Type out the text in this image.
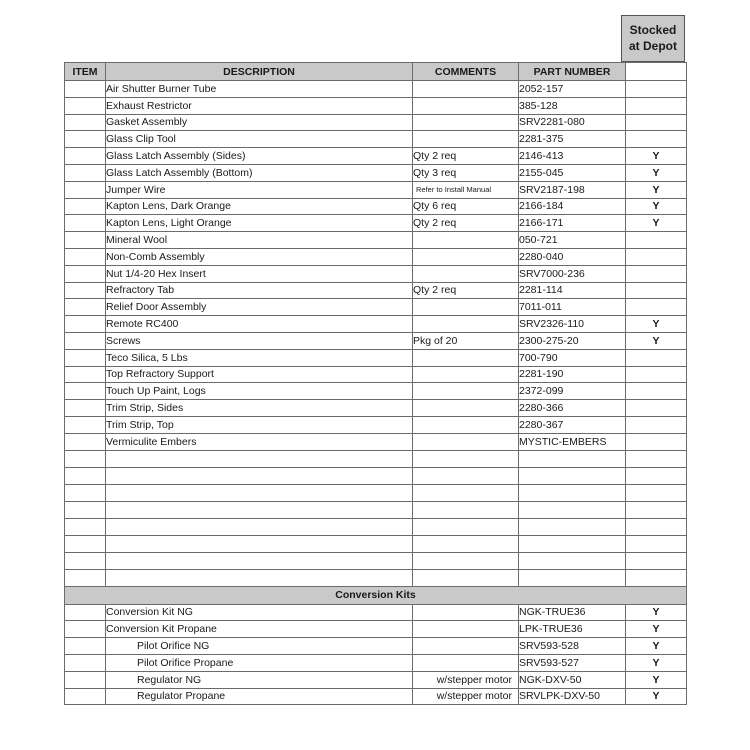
Stocked
at Depot
ITEM	DESCRIPTION	COMMENTS	PART NUMBER	
	Air Shutter Burner Tube		2052-157	
	Exhaust Restrictor		385-128	
	Gasket Assembly		SRV2281-080	
	Glass Clip Tool		2281-375	
	Glass Latch Assembly (Sides)	Qty 2 req	2146-413	Y
	Glass Latch Assembly (Bottom)	Qty 3 req	2155-045	Y
	Jumper Wire	Refer to Install Manual	SRV2187-198	Y
	Kapton Lens, Dark Orange	Qty 6 req	2166-184	Y
	Kapton Lens, Light Orange	Qty 2 req	2166-171	Y
	Mineral Wool		050-721	
	Non-Comb Assembly		2280-040	
	Nut 1/4-20 Hex Insert		SRV7000-236	
	Refractory Tab	Qty 2 req	2281-114	
	Relief Door Assembly		7011-011	
	Remote RC400		SRV2326-110	Y
	Screws	Pkg of 20	2300-275-20	Y
	Teco Silica, 5 Lbs		700-790	
	Top Refractory Support		2281-190	
	Touch Up Paint, Logs		2372-099	
	Trim Strip, Sides		2280-366	
	Trim Strip, Top		2280-367	
	Vermiculite Embers		MYSTIC-EMBERS	

Conversion Kits				
	Conversion Kit NG		NGK-TRUE36	Y
	Conversion Kit Propane		LPK-TRUE36	Y
	Pilot Orifice NG		SRV593-528	Y
	Pilot Orifice Propane		SRV593-527	Y
	Regulator NG	w/stepper motor	NGK-DXV-50	Y
	Regulator Propane	w/stepper motor	SRVLPK-DXV-50	Y
